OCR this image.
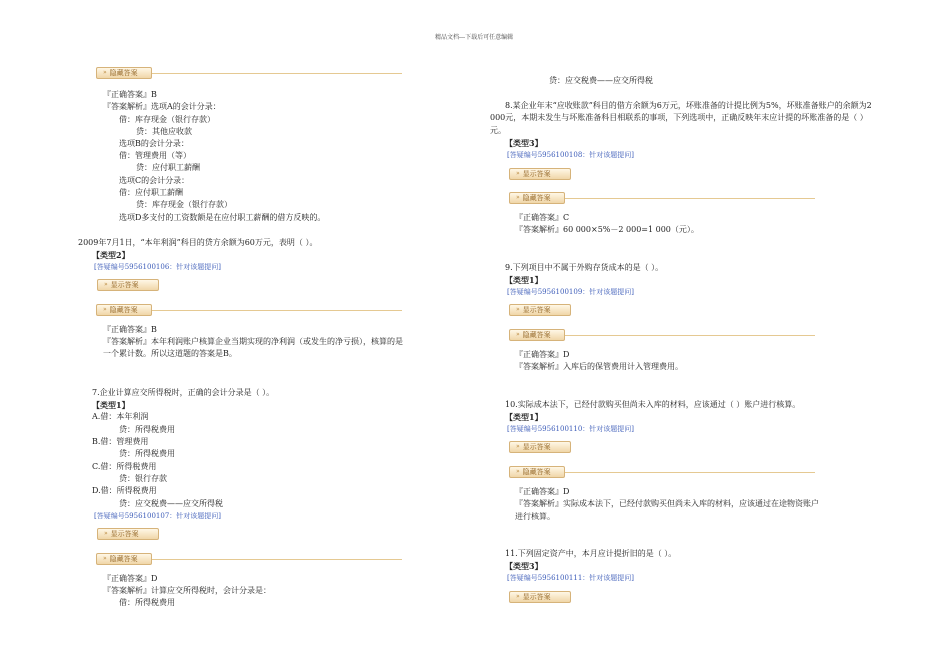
精品文档---下载后可任意编辑
» 隐藏答案
『正确答案』B
『答案解析』选项A的会计分录：
借：库存现金（银行存款）
贷：其他应收款
选项B的会计分录：
借：管理费用（等）
贷：应付职工薪酬
选项C的会计分录：
借：应付职工薪酬
贷：库存现金（银行存款）
选项D多支付的工资数额是在应付职工薪酬的借方反映的。
2009年7月1日，“本年利润”科目的贷方余额为60万元，表明（ ）。
【类型2】
[答疑编号5956100106：针对该题提问]
» 显示答案
» 隐藏答案
『正确答案』B
『答案解析』本年利润账户核算企业当期实现的净利润（或发生的净亏损），核算的是
一个累计数。所以这道题的答案是B。
7.企业计算应交所得税时，正确的会计分录是（ ）。
【类型1】
A.借：本年利润
贷：所得税费用
B.借：管理费用
贷：所得税费用
C.借：所得税费用
贷：银行存款
D.借：所得税费用
贷：应交税费——应交所得税
[答疑编号5956100107：针对该题提问]
» 显示答案
» 隐藏答案
『正确答案』D
『答案解析』计算应交所得税时，会计分录是：
借：所得税费用
贷：应交税费——应交所得税
8.某企业年末“应收账款”科目的借方余额为6万元，坏账准备的计提比例为5%，坏账准备账户的余额为2
000元，本期未发生与坏账准备科目相联系的事项，下列选项中，正确反映年末应计提的坏账准备的是（ ）
元。
【类型3】
[答疑编号5956100108：针对该题提问]
» 显示答案
» 隐藏答案
『正确答案』C
『答案解析』60 000×5%－2 000=1 000（元）。
9.下列项目中不属于外购存货成本的是（ ）。
【类型1】
[答疑编号5956100109：针对该题提问]
» 显示答案
» 隐藏答案
『正确答案』D
『答案解析』入库后的保管费用计入管理费用。
10.实际成本法下，已经付款购买但尚未入库的材料，应该通过（ ）账户进行核算。
【类型1】
[答疑编号5956100110：针对该题提问]
» 显示答案
» 隐藏答案
『正确答案』D
『答案解析』实际成本法下，已经付款购买但尚未入库的材料，应该通过在途物资账户
进行核算。
11.下列固定资产中，本月应计提折旧的是（ ）。
【类型3】
[答疑编号5956100111：针对该题提问]
» 显示答案
